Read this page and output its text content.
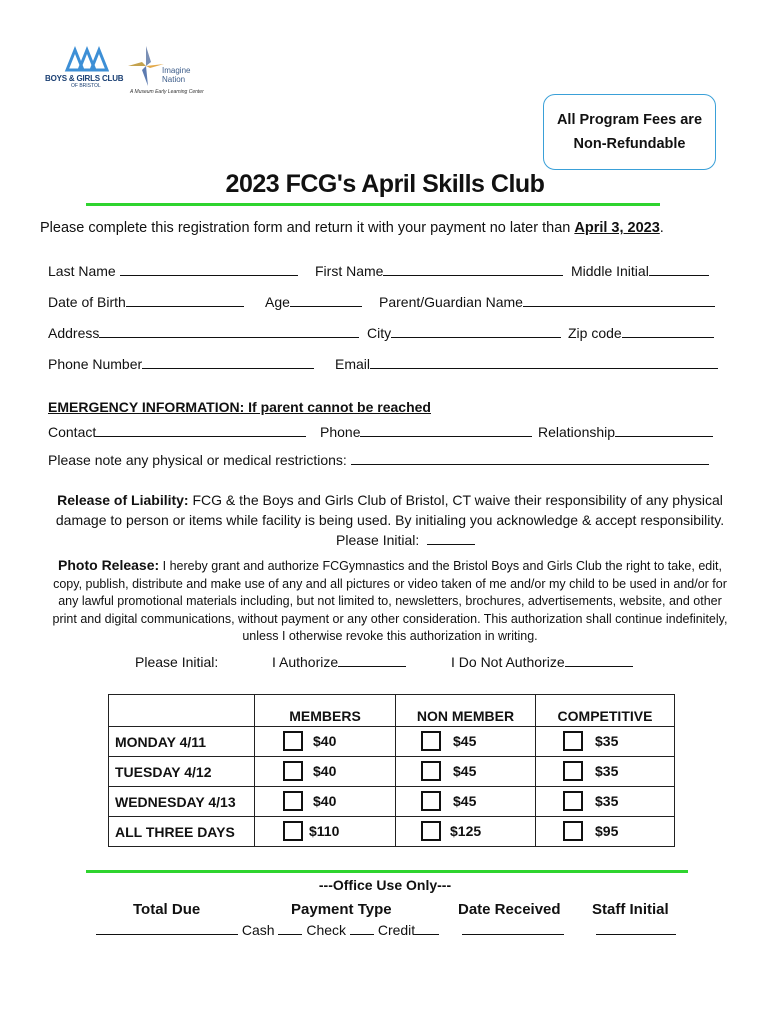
BOYS & GIRLS CLUB
OF BRISTOL
Imagine
Nation
A Museum Early Learning Center
All Program Fees are
Non-Refundable
2023 FCG's April Skills Club
Please complete this registration form and return it with your payment no later than April 3, 2023.
Last Name	First Name	Middle Initial
Date of Birth	Age	Parent/Guardian Name
Address	City	Zip code
Phone Number	Email
EMERGENCY INFORMATION: If parent cannot be reached
Contact	Phone	Relationship
Please note any physical or medical restrictions:
Release of Liability: FCG & the Boys and Girls Club of Bristol, CT waive their responsibility of any physical damage to person or items while facility is being used. By initialing you acknowledge & accept responsibility.         Please Initial:
Photo Release: I hereby grant and authorize FCGymnastics and the Bristol Boys and Girls Club the right to take, edit, copy, publish, distribute and make use of any and all pictures or video taken of me and/or my child to be used in and/or for any lawful promotional materials including, but not limited to, newsletters, brochures, advertisements, website, and other print and digital communications, without payment or any other consideration. This authorization shall continue indefinitely, unless I otherwise revoke this authorization in writing.
Please Initial:	I Authorize	I Do Not Authorize
	MEMBERS	NON MEMBER	COMPETITIVE
MONDAY 4/11	$40	$45	$35

TUESDAY 4/12	$40	$45	$35

WEDNESDAY 4/13	$40	$45	$35

ALL THREE DAYS	$110	$125	$95
---Office Use Only---
Total Due	Payment Type	Date Received Staff Initial
Cash Check Credit
